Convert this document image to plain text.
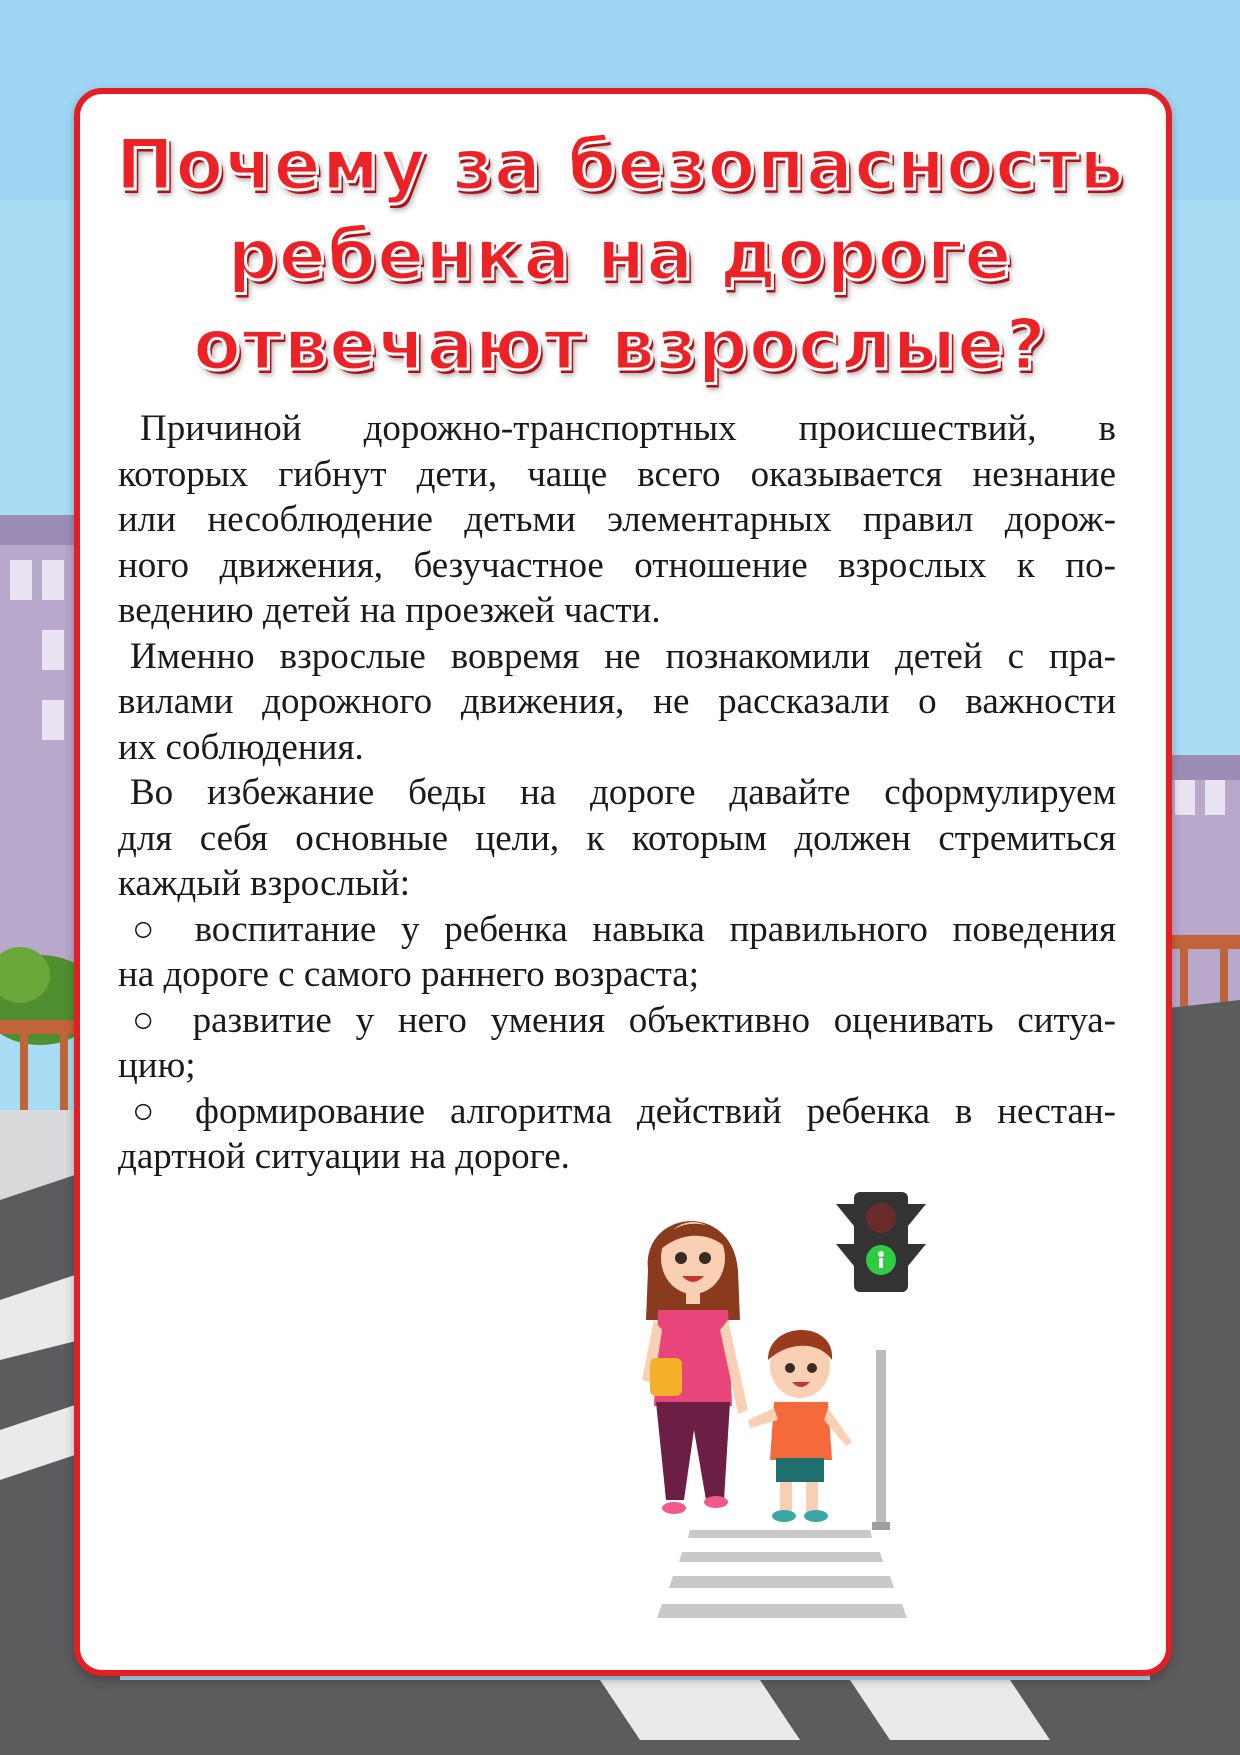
Почему за безопасность
ребенка на дороге
отвечают взрослые?
Причиной дорожно-транспортных происшествий, в
которых гибнут дети, чаще всего оказывается незнание
или несоблюдение детьми элементарных правил дорож-
ного движения, безучастное отношение взрослых к по-
ведению детей на проезжей части.
Именно взрослые вовремя не познакомили детей с пра-
вилами дорожного движения, не рассказали о важности
их соблюдения.
Во избежание беды на дороге давайте сформулируем
для себя основные цели, к которым должен стремиться
каждый взрослый:
○ воспитание у ребенка навыка правильного поведения
на дороге с самого раннего возраста;
○ развитие у него умения объективно оценивать ситуа-
цию;
○ формирование алгоритма действий ребенка в нестан-
дартной ситуации на дороге.
